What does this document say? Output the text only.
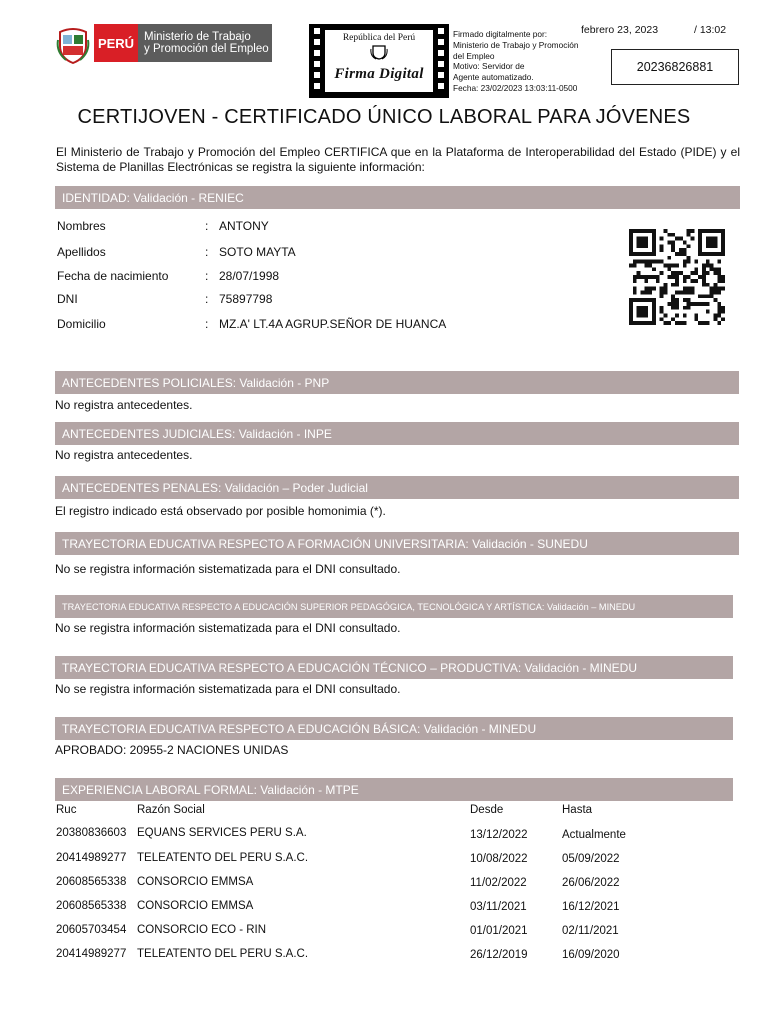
PERÚ Ministerio de Trabajo
y Promoción del Empleo
República del Perú
Firma Digital
Firmado digitalmente por:
Ministerio de Trabajo y Promoción
del Empleo
Motivo: Servidor de
Agente automatizado.
Fecha: 23/02/2023 13:03:11-0500
febrero 23, 2023	/ 13:02
20236826881
CERTIJOVEN - CERTIFICADO ÚNICO LABORAL PARA JÓVENES
El Ministerio de Trabajo y Promoción del Empleo CERTIFICA que en la Plataforma de Interoperabilidad del Estado (PIDE) y el Sistema de Planillas Electrónicas se registra la siguiente información:
IDENTIDAD: Validación - RENIEC
Nombres	: ANTONY
Apellidos	: SOTO MAYTA
Fecha de nacimiento	: 28/07/1998
DNI	: 75897798
Domicilio	: MZ.A' LT.4A AGRUP.SEÑOR DE HUANCA
ANTECEDENTES POLICIALES: Validación - PNP
No registra antecedentes.
ANTECEDENTES JUDICIALES: Validación - INPE
No registra antecedentes.
ANTECEDENTES PENALES: Validación – Poder Judicial
El registro indicado está observado por posible homonimia (*).
TRAYECTORIA EDUCATIVA RESPECTO A FORMACIÓN UNIVERSITARIA: Validación - SUNEDU
No se registra información sistematizada para el DNI consultado.
TRAYECTORIA EDUCATIVA RESPECTO A EDUCACIÓN SUPERIOR PEDAGÓGICA, TECNOLÓGICA Y ARTÍSTICA: Validación – MINEDU
No se registra información sistematizada para el DNI consultado.
TRAYECTORIA EDUCATIVA RESPECTO A EDUCACIÓN TÉCNICO – PRODUCTIVA: Validación - MINEDU
No se registra información sistematizada para el DNI consultado.
TRAYECTORIA EDUCATIVA RESPECTO A EDUCACIÓN BÁSICA: Validación - MINEDU
APROBADO: 20955-2 NACIONES UNIDAS
EXPERIENCIA LABORAL FORMAL: Validación - MTPE
Ruc	Razón Social	Desde	Hasta
20380836603 EQUANS SERVICES PERU S.A.	13/12/2022	Actualmente
20414989277 TELEATENTO DEL PERU S.A.C.	10/08/2022	05/09/2022
20608565338 CONSORCIO EMMSA	11/02/2022	26/06/2022
20608565338 CONSORCIO EMMSA	03/11/2021	16/12/2021
20605703454 CONSORCIO ECO - RIN	01/01/2021	02/11/2021
20414989277 TELEATENTO DEL PERU S.A.C.	26/12/2019	16/09/2020
